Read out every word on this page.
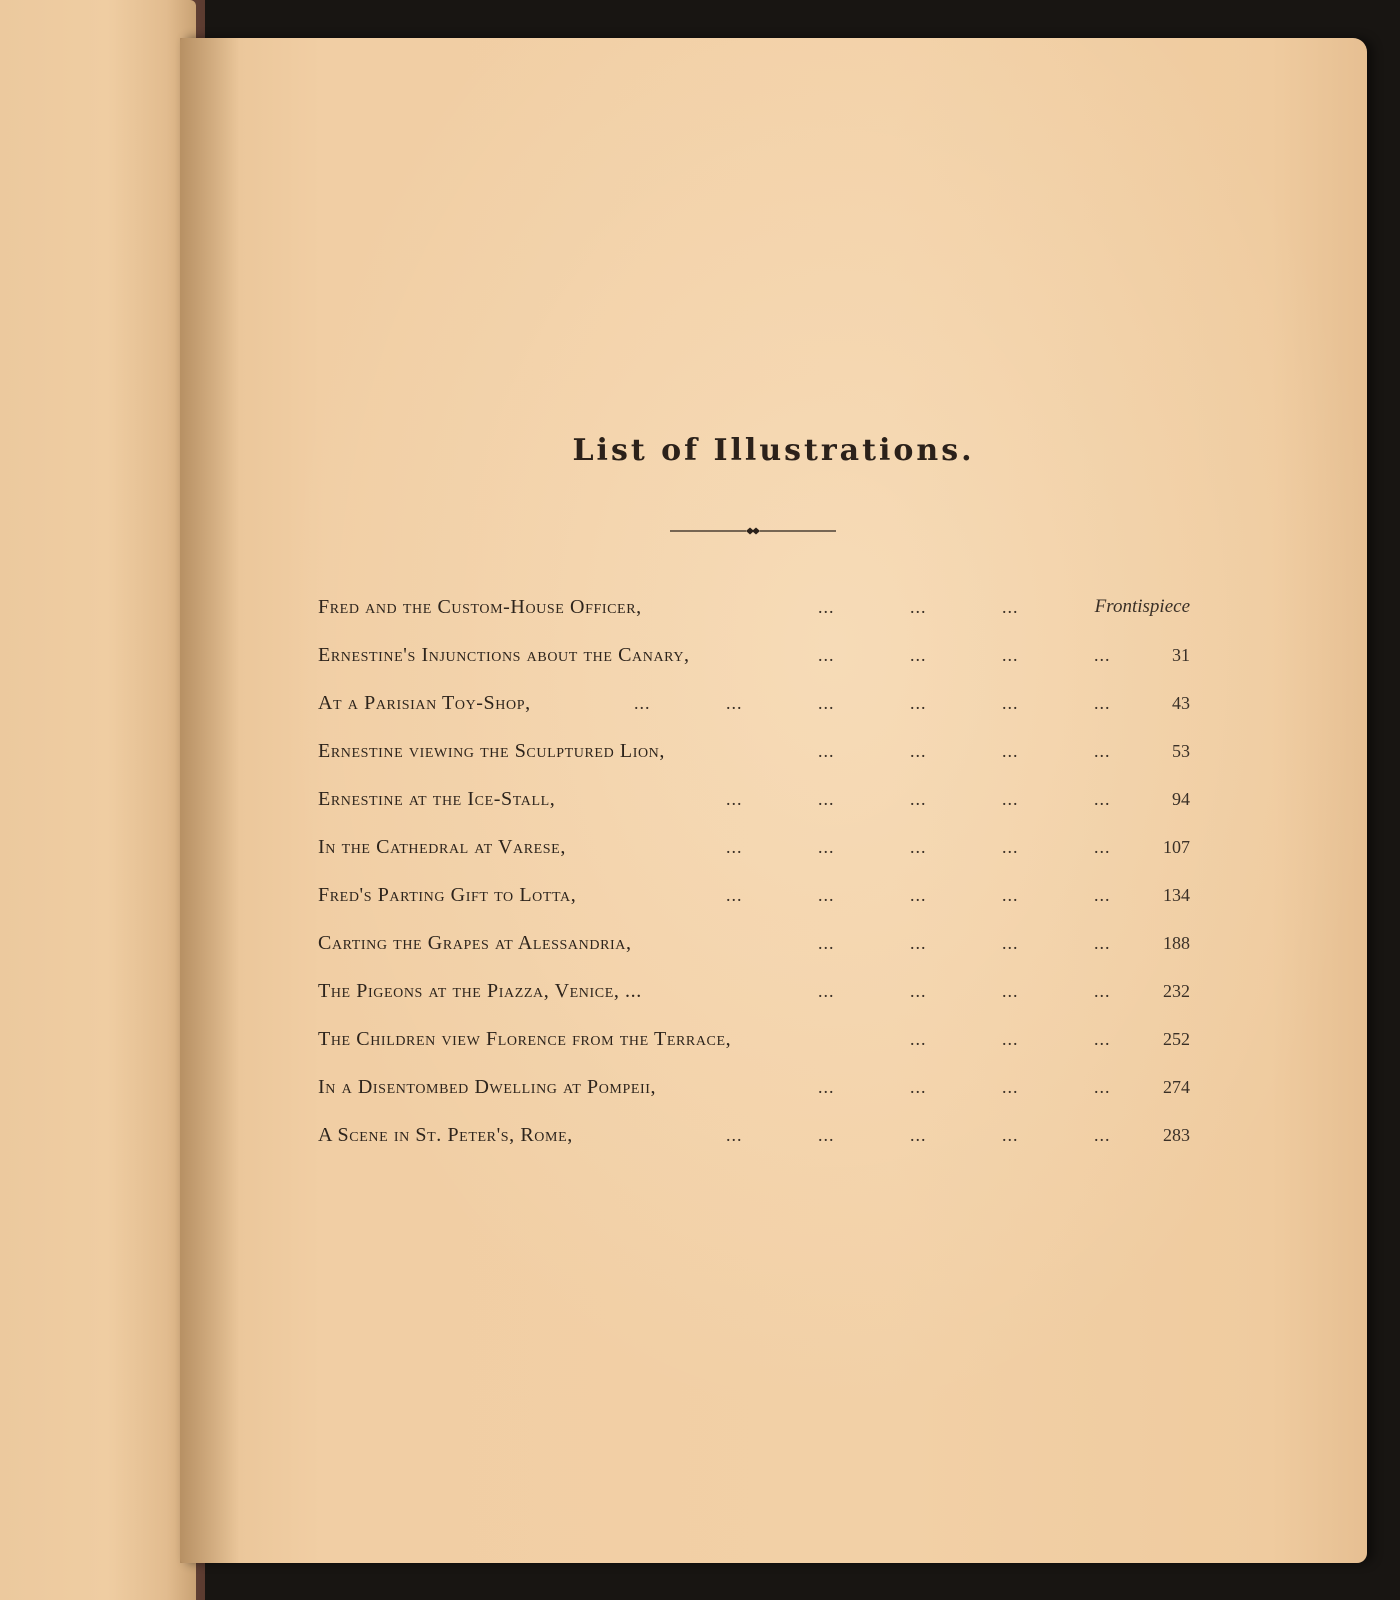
List of Illustrations.
Fred and the Custom-House Officer,	...	...	...	Frontispiece
Ernestine's Injunctions about the Canary,	...	...	...	...	31
At a Parisian Toy-Shop,	...	...	...	...	...	...	43
Ernestine viewing the Sculptured Lion,	...	...	...	...	53
Ernestine at the Ice-Stall,	...	...	...	...	...	94
In the Cathedral at Varese,	...	...	...	...	...	107
Fred's Parting Gift to Lotta,	...	...	...	...	...	134
Carting the Grapes at Alessandria,	...	...	...	...	188
The Pigeons at the Piazza, Venice, ...	...	...	...	...	232
The Children view Florence from the Terrace,	...	...	...	252
In a Disentombed Dwelling at Pompeii,	...	...	...	...	274
A Scene in St. Peter's, Rome,	...	...	...	...	...	283
